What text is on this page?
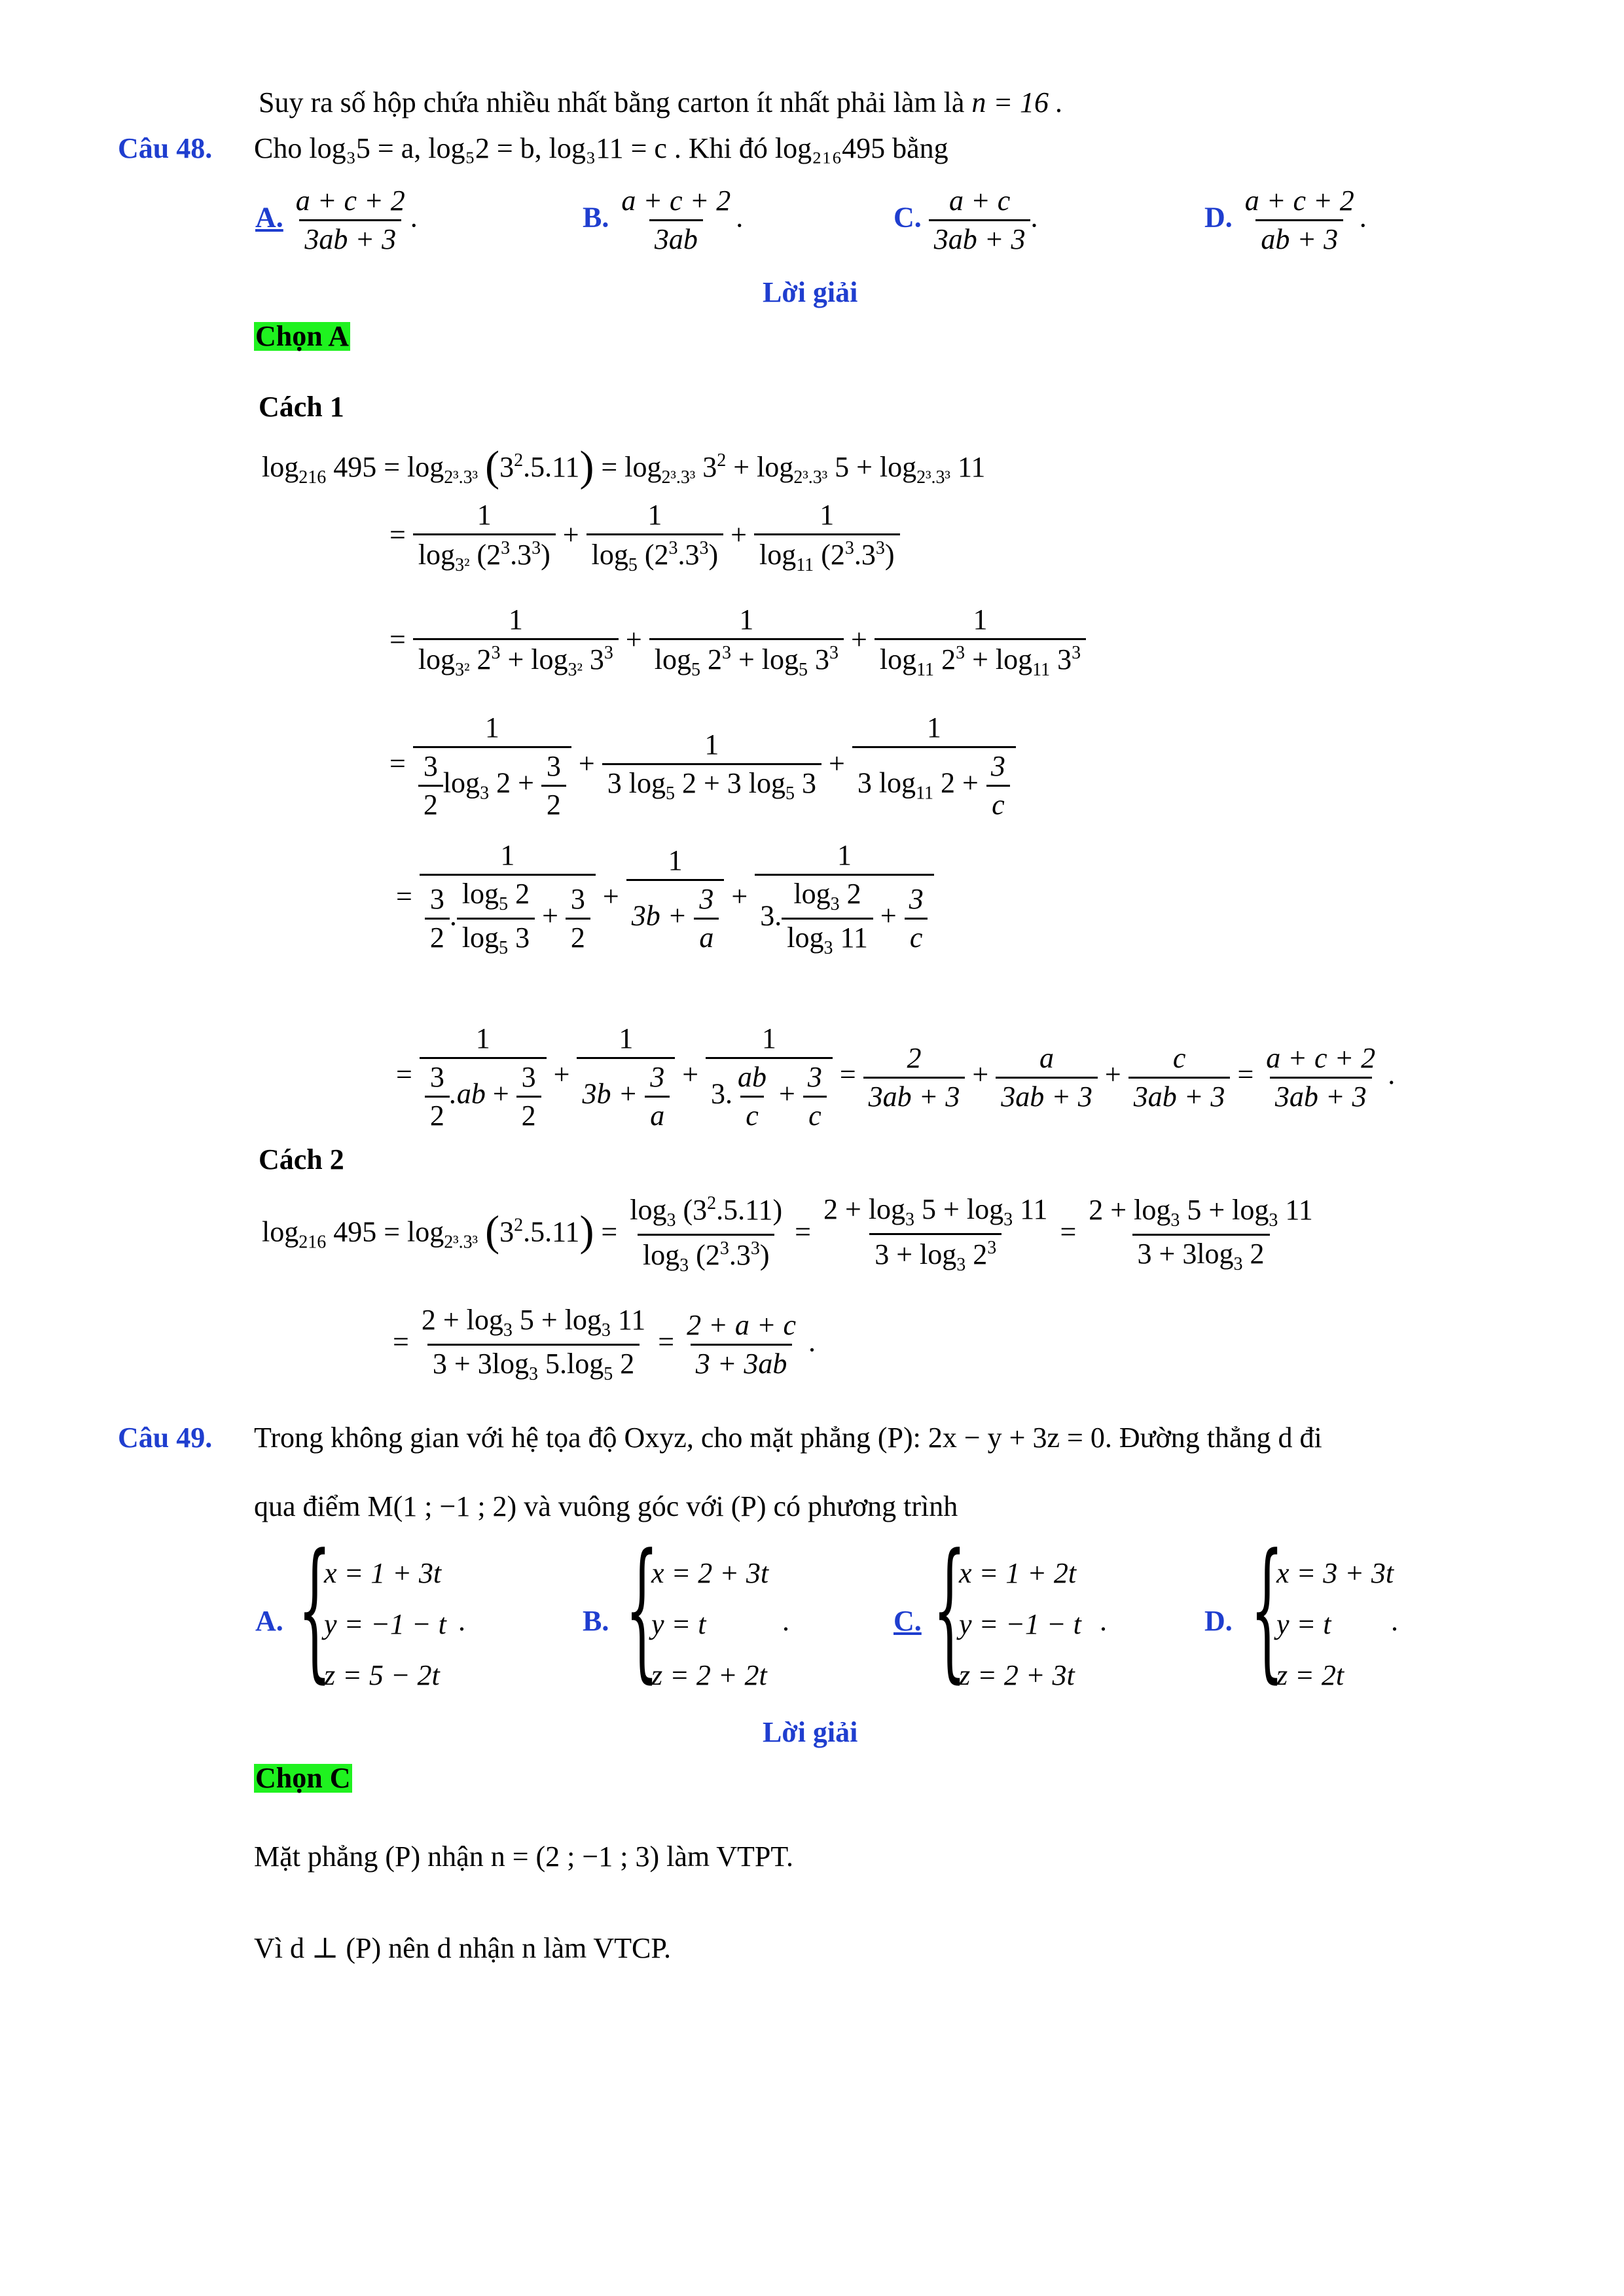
Suy ra số hộp chứa nhiều nhất bằng carton ít nhất phải làm là n = 16 .
Câu 48. Cho log₃5 = a, log₅2 = b, log₃11 = c . Khi đó log₂₁₆495 bằng
A. $\frac{a + c + 2}{3ab + 3}$ .	B. $\frac{a + c + 2}{3ab}$ .	C. $\frac{a + c}{3ab + 3}$ .	D. $\frac{a + c + 2}{ab + 3}$ .
Lời giải
Chọn A
Cách 1
$\log_{216} 495 = \log_{2^3.3^3} (3^2.5.11) = \log_{2^3.3^3} 3^2 + \log_{2^3.3^3} 5 + \log_{2^3.3^3} 11$
= $\frac{1}{\log_{3^2} (2^3.3^3)} + \frac{1}{\log_5 (2^3.3^3)} + \frac{1}{\log_{11} (2^3.3^3)}$
= $\frac{1}{\log_{3^2} 2^3 + \log_{3^2} 3^3} + \frac{1}{\log_5 2^3 + \log_5 3^3} + \frac{1}{\log_{11} 2^3 + \log_{11} 3^3}$
= $\frac{1}{\frac{3}{2} \log_3 2 + \frac{3}{2}} + \frac{1}{3 \log_5 2 + 3 \log_5 3} + \frac{1}{3 \log_{11} 2 + \frac{3}{c}}$
= $\frac{1}{\frac{3}{2} . \frac{\log_5 2}{\log_5 3} + \frac{3}{2}} + \frac{1}{3b + \frac{3}{a}} + \frac{1}{3. \frac{\log_3 2}{\log_3 11} + \frac{3}{c}}$
= $\frac{1}{\frac{3}{2} .ab + \frac{3}{2}} + \frac{1}{3b + \frac{3}{a}} + \frac{1}{3. \frac{ab}{c} + \frac{3}{c}} = \frac{2}{3ab + 3} + \frac{a}{3ab + 3} + \frac{c}{3ab + 3} = \frac{a + c + 2}{3ab + 3}$ .
Cách 2
$\log_{216} 495 = \log_{2^3.3^3} (3^2.5.11) = \frac{\log_3 (3^2.5.11)}{\log_3 (2^3.3^3)} = \frac{2 + \log_3 5 + \log_3 11}{3 + \log_3 2^3} = \frac{2 + \log_3 5 + \log_3 11}{3 + 3\log_3 2}$
= $\frac{2 + \log_3 5 + \log_3 11}{3 + 3\log_3 5.\log_5 2} = \frac{2 + a + c}{3 + 3ab}$ .
Câu 49. Trong không gian với hệ tọa độ Oxyz, cho mặt phẳng (P): 2x − y + 3z = 0. Đường thẳng d đi
qua điểm M(1 ; −1 ; 2) và vuông góc với (P) có phương trình
A. {
x = 1 + 3t
y = −1 − t
z = 5 − 2t
.	B. {
x = 2 + 3t
y = t
z = 2 + 2t
.	C. {
x = 1 + 2t
y = −1 − t
z = 2 + 3t
.	D. {
x = 3 + 3t
y = t
z = 2t
.
Lời giải
Chọn C
Mặt phẳng (P) nhận n = (2 ; −1 ; 3) làm VTPT.
Vì d ⊥ (P) nên d nhận n làm VTCP.
